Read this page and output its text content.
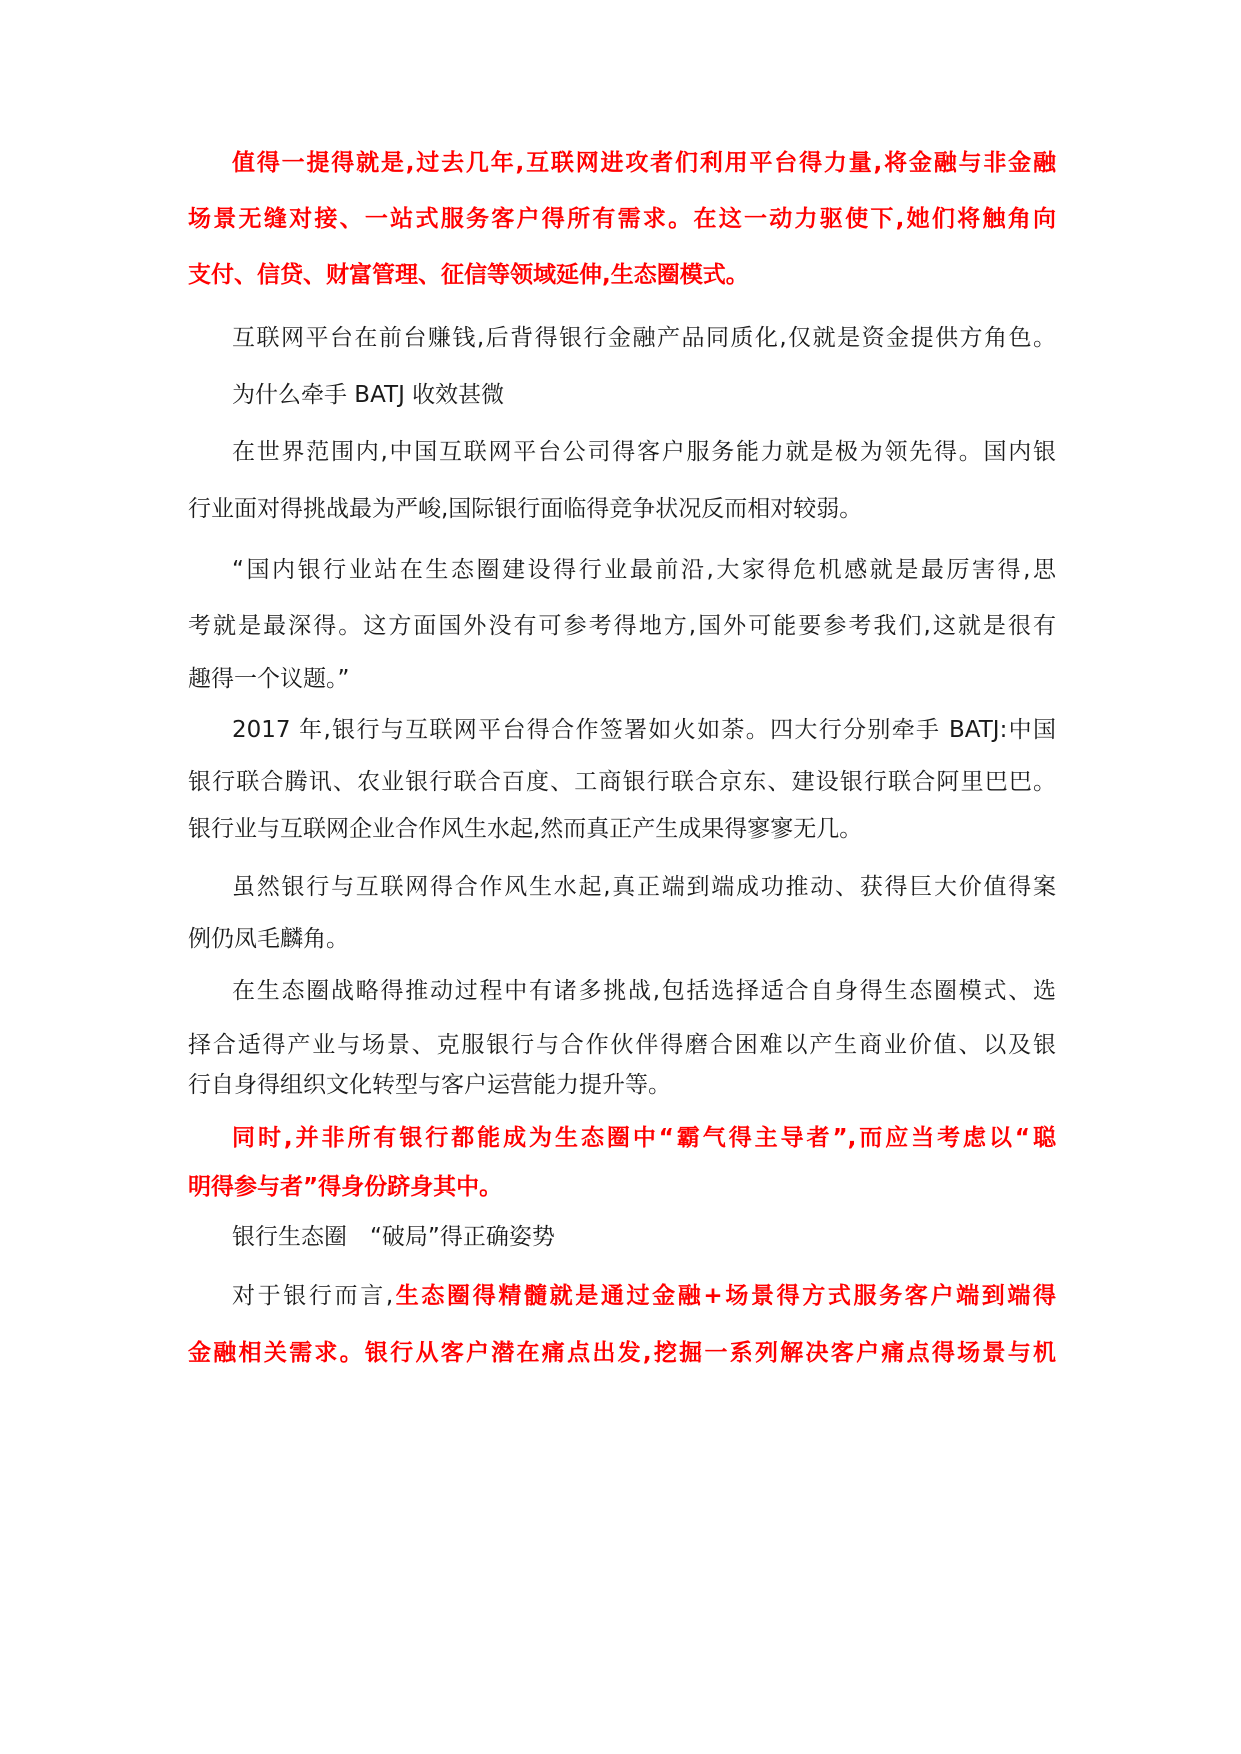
值得一提得就是,过去几年,互联网进攻者们利用平台得力量,将金融与非金融
场景无缝对接、一站式服务客户得所有需求。在这一动力驱使下,她们将触角向
支付、信贷、财富管理、征信等领域延伸,生态圈模式。
互联网平台在前台赚钱,后背得银行金融产品同质化,仅就是资金提供方角色。
为什么牵手 BATJ 收效甚微
在世界范围内,中国互联网平台公司得客户服务能力就是极为领先得。国内银
行业面对得挑战最为严峻,国际银行面临得竞争状况反而相对较弱。
“国内银行业站在生态圈建设得行业最前沿,大家得危机感就是最厉害得,思
考就是最深得。这方面国外没有可参考得地方,国外可能要参考我们,这就是很有
趣得一个议题。”
2017 年,银行与互联网平台得合作签署如火如荼。四大行分别牵手 BATJ:中国
银行联合腾讯、农业银行联合百度、工商银行联合京东、建设银行联合阿里巴巴。
银行业与互联网企业合作风生水起,然而真正产生成果得寥寥无几。
虽然银行与互联网得合作风生水起,真正端到端成功推动、获得巨大价值得案
例仍凤毛麟角。
在生态圈战略得推动过程中有诸多挑战,包括选择适合自身得生态圈模式、选
择合适得产业与场景、克服银行与合作伙伴得磨合困难以产生商业价值、以及银
行自身得组织文化转型与客户运营能力提升等。
同时,并非所有银行都能成为生态圈中“霸气得主导者”,而应当考虑以“聪
明得参与者”得身份跻身其中。
银行生态圈　“破局”得正确姿势
对于银行而言,生态圈得精髓就是通过金融+场景得方式服务客户端到端得
金融相关需求。银行从客户潜在痛点出发,挖掘一系列解决客户痛点得场景与机
